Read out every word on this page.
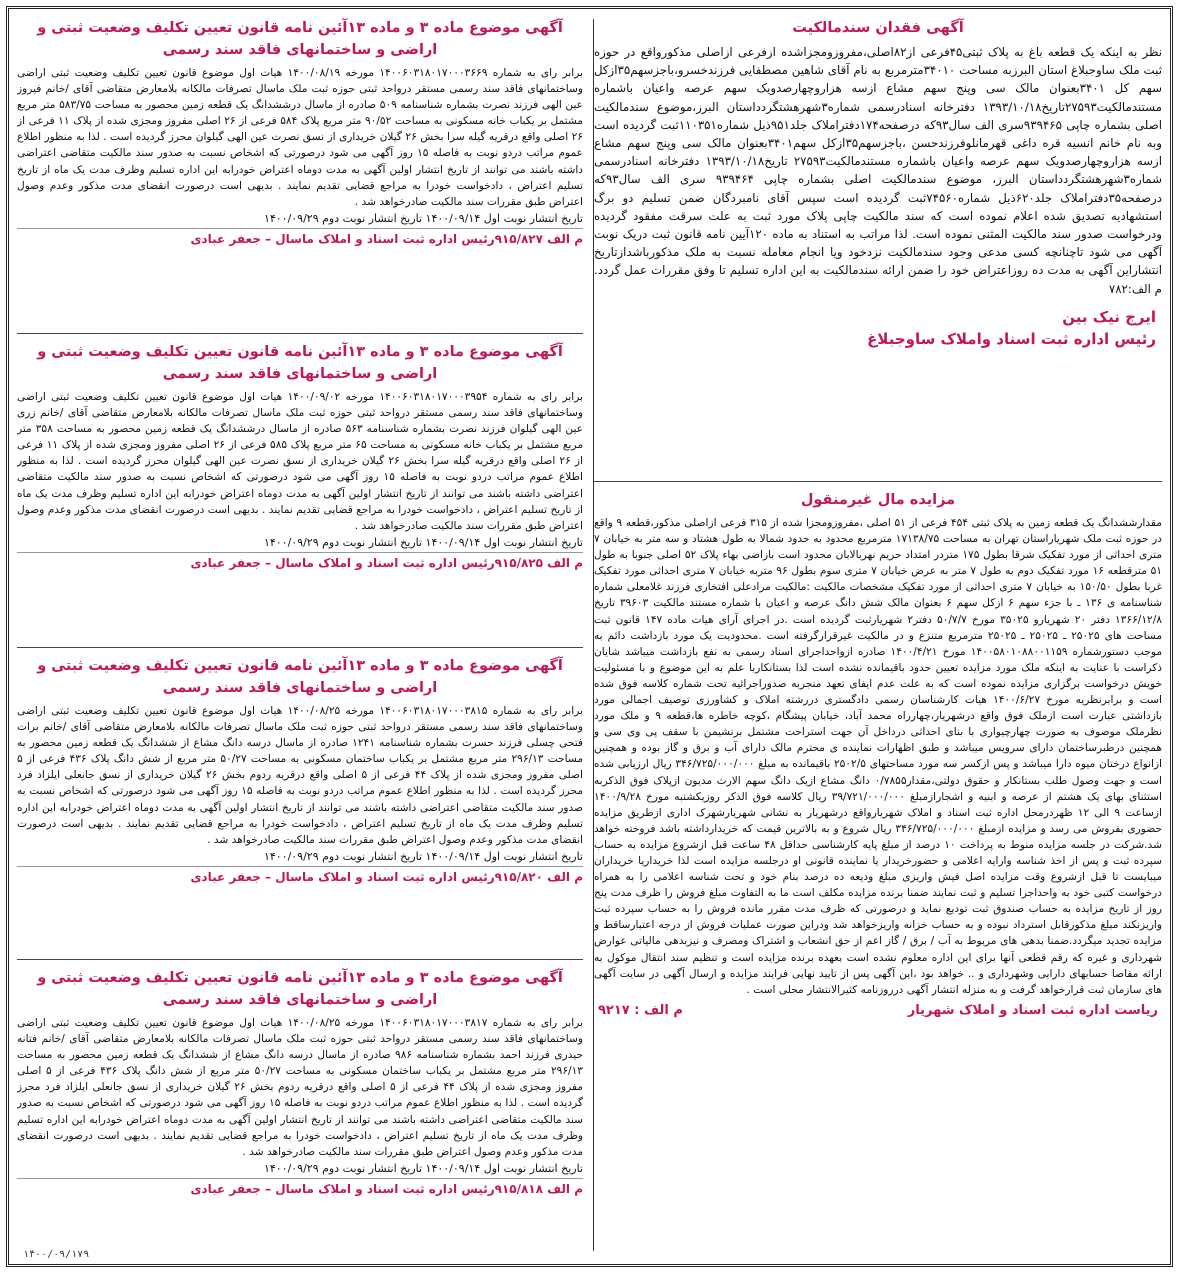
آگهی فقدان سندمالکیت

نظر به اینکه یک قطعه باغ به پلاک ثبتی۴۵فرعی از۸۲اصلی،مفروزومجزاشده ازفرعی ازاصلی مذکورواقع در حوزه ثبت ملک ساوجبلاغ استان البرزبه مساحت ۳۴۰۱۰مترمربع به نام آقای شاهین مصطفایی فرزندخسرو،باجزسهم۳۵ازکل سهم کل ۳۴۰۱بعنوان مالک سی وپنج سهم مشاع ازسه هزاروچهارصدویک سهم عرصه واعیان باشماره مستندمالکیت۲۷۵۹۳تاریخ۱۳۹۳/۱۰/۱۸ دفترخانه اسنادرسمی شماره۳شهرهشتگردداستان البرز،موضوع سندمالکیت اصلی بشماره چاپی ۹۳۹۴۶۵سری الف سال۹۳که درصفحه۱۷۴دفتراملاک جلد۹۵۱ذیل شماره۱۱۰۳۵۱ثبت گردیده است وبه نام خانم انسیه قره داغی قهرمانلوفرزندحسن ،باجزسهم۳۵ازکل سهم۳۴۰۱بعنوان مالک سی وپنج سهم مشاع ازسه هزاروچهارصدویک سهم عرصه واعیان باشماره مستندمالکیت۲۷۵۹۳ تاریخ۱۳۹۳/۱۰/۱۸ دفترخانه اسنادرسمی شماره۳شهرهشتگردداستان البرز، موضوع سندمالکیت اصلی بشماره چاپی ۹۳۹۴۶۴ سری الف سال۹۳که درصفحه۳۵دفتراملاک جلد۶۲۰ذیل شماره۷۴۵۶۰ثبت گردیده است سپس آقای نامبردگان ضمن تسلیم دو برگ استشهادیه تصدیق شده اعلام نموده است که سند مالکیت چاپی پلاک مورد ثبت به علت سرقت مفقود گردیده ودرخواست صدور سند مالکیت المثنی نموده است. لذا مراتب به استناد به ماده ۱۲۰آیین نامه قانون ثبت دریک نوبت آگهی می شود تاچنانچه کسی مدعی وجود سندمالکیت نزدخود ویا انجام معامله نسبت به ملک مذکورباشدازتاریخ انتشاراین آگهی به مدت ده روزاعتراض خود را ضمن ارائه سندمالکیت به این اداره تسلیم تا وفق مقررات عمل گردد. م الف:۷۸۲

ایرج نیک بین

رئیس اداره ثبت اسناد واملاک ساوجبلاغ

مزایده مال غیرمنقول

مقدارششدانگ یک قطعه زمین به پلاک ثبتی ۴۵۴ فرعی از ۵۱ اصلی ،مفروزومجزا شده از ۳۱۵ فرعی ازاصلی مذکور،قطعه ۹ واقع در حوزه ثبت ملک شهریاراستان تهران به مساحت ۱۷۱۳۸/۷۵ مترمربع محدود به حدود شمالا به طول هشتاد و سه متر به خیابان ۷ متری احداثی از مورد تفکیک شرقا بطول ۱۷۵ متردر امتداد حریم نهربالابان محدود است بازاضی بهاء پلاک ۵۲ اصلی جنوبا به طول ۵۱ مترقطعه ۱۶ مورد تفکیک دوم به طول ۷ متر به عرض خیابان ۷ متری سوم بطول ۹۶ متربه خیابان ۷ متری احداثی مورد تفکیک غربا بطول ۱۵۰/۵۰ به خیابان ۷ متری احداثی از مورد تفکیک مشخصات مالکیت :مالکیت مرادعلی افتخاری فرزند غلامعلی شماره شناسنامه ی ۱۳۶ ـ با جزء سهم ۶ ازکل سهم ۶ بعنوان مالک شش دانگ عرصه و اعیان با شماره مستند مالکیت ۳۹۶۰۳ تاریخ ۱۳۶۶/۱۲/۸ دفتر ۲۰ شهریارو ۳۵۰۲۵ مورخ ۵۰/۷/۷ دفتر۲ شهریارثبت گردیده است .در اجرای آرای هیات ماده ۱۴۷ قانون ثبت مساحت های ۲۵۰۲۵ ـ ۲۵۰۲۵ ـ ۲۵۰۲۵ مترمربع متنزع و در مالکیت غیرقرارگرفته است .محدودیت یک مورد بازداشت دائم به موجب دستورشماره ۱۴۰۰۵۸۰۱۰۸۸۰۰۱۱۵۹ مورخ ۱۴۰۰/۴/۲۱ صادره ازواحداجرای اسناد رسمی به نفع بازداشت میباشد شایان ذکراست با عنایت به اینکه ملک مورد مزایده تعیین حدود باقیمانده نشده است لذا بستانکاربا علم به این موضوع و با مسئولیت خویش درخواست برگزاری مزایده نموده است که به علت عدم ایفای تعهد منجربه صدوراجرائیه تحت شماره کلاسه فوق شده است و برابرنظریه مورخ ۱۴۰۰/۶/۲۷ هیات کارشناسان رسمی دادگستری دررشته املاک و کشاورزی توصیف اجمالی مورد بازداشتی عبارت است ازملک فوق واقع درشهریار،چهارراه محمد آباد، خیابان پیشگام ،کوچه خاطره ها،قطعه ۹ و ملک مورد نظرملک موصوف به صورت چهارچیواری با بنای احداثی درداخل آن جهت استراحت مشتمل برنشیمن با سقف پی وی سی و همچنین درطبرساختمان دارای سرویس میباشد و طبق اظهارات نماینده ی محترم مالک دارای آب و برق و گاز بوده و همچنین ازانواع درختان میوه دارا میباشد و پس ازکسر سه مورد مساحتهای ۲۵۰۲/۵ باقیمانده به مبلغ ۳۴۶/۷۲۵/۰۰۰/۰۰۰ ریال ارزیابی شده است و جهت وصول طلب بستانکار و حقوق دولتی،مقدار۰/۷۸۵۵ دانگ مشاع ازیک دانگ سهم الارث مدیون ازپلاک فوق الذکربه استثنای بهای یک هشتم از عرصه و ابنیه و اشجارازمبلغ ۳۹/۷۲۱/۰۰۰/۰۰۰ ریال کلاسه فوق الذکر روزیکشنبه مورخ ۱۴۰۰/۹/۲۸ ازساعت ۹ الی ۱۲ ظهردرمحل اداره ثبت اسناد و املاک شهریارواقع درشهریار به نشانی شهریارشهرک اداری ازطریق مزایده حضوری بفروش می رسد و مزایده ازمبلغ ۳۴۶/۷۲۵/۰۰۰/۰۰۰ ریال شروع و به بالاترین قیمت که خریدارداشته باشد فروخته خواهد شد.شرکت در جلسه مزایده منوط به پرداخت ۱۰ درصد از مبلغ پایه کارشناسی حداقل ۴۸ ساعت قبل ازشروع مزایده به حساب سپرده ثبت و پس از اخذ شناسه وارایه اعلامی و حضورخریدار یا نماینده قانونی او درجلسه مزایده است لذا خریداریا خریداران میبایست تا قبل ازشروع وقت مزایده اصل فیش واریزی مبلغ ودیعه ده درصد بنام خود و تحت شناسه اعلامی را به همراه درخواست کتبی خود به واحداجرا تسلیم و ثبت نمایند ضمنا برنده مزایده مکلف است ما به التفاوت مبلغ فروش را ظرف مدت پنج روز از تاریخ مزایده به حساب صندوق ثبت تودیع نماید و درصورتی که ظرف مدت مقرر مانده فروش را به حساب سپرده ثبت واریزنکند مبلغ مذکورقابل استرداد نبوده و به حساب خزانه واریزخواهد شد ودراین صورت عملیات فروش از درجه اعتبارساقط و مزایده تجدید میگردد.ضمنا بدهی های مربوط به آب / برق / گاز اعم از حق انشعاب و اشتراک ومصرف و نیزبدهی مالیاتی عوارض شهرداری و غیره که رقم قطعی آنها برای این اداره معلوم نشده است بعهده برنده مزایده است و تنظیم سند انتقال موکول به ارائه مفاصا حسابهای دارایی وشهرداری و .. خواهد بود ،این آگهی پس از تایید نهایی فرایند مزایده و ارسال آگهی در سایت آگهی های سازمان ثبت قرارخواهد گرفت و به منزله انتشار آگهی درروزنامه کثیرالانتشار محلی است .

ریاست اداره ثبت اسناد و املاک شهریار
م الف : ۹۲۱۷

آگهی موضوع ماده ۳ و ماده ۱۳آئین نامه قانون تعیین تکلیف وضعیت ثبتی و اراضی و ساختمانهای فاقد سند رسمی

برابر رای به شماره ۱۴۰۰۶۰۳۱۸۰۱۷۰۰۰۳۶۶۹ مورخه ۱۴۰۰/۰۸/۱۹ هیات اول موضوع قانون تعیین تکلیف وضعیت ثبتی اراضی وساختمانهای فاقد سند رسمی مستقر درواحد ثبتی حوزه ثبت ملک ماسال تصرفات مالکانه بلامعارض متقاضی آقای /خانم فیروز عین الهی فرزند نصرت بشماره شناسنامه ۵۰۹ صادره از ماسال درششدانگ یک قطعه زمین محصور به مساحت ۵۸۳/۷۵ متر مربع مشتمل بر یکباب خانه مسکونی به مساحت ۹۰/۵۲ متر مربع پلاک ۵۸۴ فرعی از ۲۶ اصلی مفروز ومجزی شده از پلاک ۱۱ فرعی از ۲۶ اصلی واقع درقریه گیله سرا بخش ۲۶ گیلان خریداری از نسق نصرت عین الهی گیلوان محرز گردیده است . لذا به منظور اطلاع عموم مراتب دردو نوبت به فاصله ۱۵ روز آگهی می شود درصورتی که اشخاص نسبت به صدور سند مالکیت متقاضی اعتراضی داشته باشند می توانند از تاریخ انتشار اولین آگهی به مدت دوماه اعتراض خودرابه این اداره تسلیم وظرف مدت یک ماه از تاریخ تسلیم اعتراض ، دادخواست خودرا به مراجع قضایی تقدیم نمایند . بدیهی است درصورت انقضای مدت مذکور وعدم وصول اعتراض طبق مقررات سند مالکیت صادرخواهد شد .

تاریخ انتشار نوبت اول ۱۴۰۰/۰۹/۱۴ تاریخ انتشار نوبت دوم ۱۴۰۰/۰۹/۲۹

م الف ۹۱۵/۸۲۷رئیس اداره ثبت اسناد و املاک ماسال – جعفر عبادی

آگهی موضوع ماده ۳ و ماده ۱۳آئین نامه قانون تعیین تکلیف وضعیت ثبتی و اراضی و ساختمانهای فاقد سند رسمی

برابر رای به شماره ۱۴۰۰۶۰۳۱۸۰۱۷۰۰۰۳۹۵۴ مورخه ۱۴۰۰/۰۹/۰۲ هیات اول موضوع قانون تعیین تکلیف وضعیت ثبتی اراضی وساختمانهای فاقد سند رسمی مستقر درواحد ثبتی حوزه ثبت ملک ماسال تصرفات مالکانه بلامعارض متقاضی آقای /خانم زری عین الهی گیلوان فرزند نصرت بشماره شناسنامه ۵۶۳ صادره از ماسال درششدانگ یک قطعه زمین محصور به مساحت ۳۵۸ متر مربع مشتمل بر یکباب خانه مسکونی به مساحت ۶۵ متر مربع پلاک ۵۸۵ فرعی از ۲۶ اصلی مفروز ومجزی شده از پلاک ۱۱ فرعی از ۲۶ اصلی واقع درقریه گیله سرا بخش ۲۶ گیلان خریداری از نسق نصرت عین الهی گیلوان محرز گردیده است . لذا به منظور اطلاع عموم مراتب دردو نوبت به فاصله ۱۵ روز آگهی می شود درصورتی که اشخاص نسبت به صدور سند مالکیت متقاضی اعتراضی داشته باشند می توانند از تاریخ انتشار اولین آگهی به مدت دوماه اعتراض خودرابه این اداره تسلیم وظرف مدت یک ماه از تاریخ تسلیم اعتراض ، دادخواست خودرا به مراجع قضایی تقدیم نمایند . بدیهی است درصورت انقضای مدت مذکور وعدم وصول اعتراض طبق مقررات سند مالکیت صادرخواهد شد .

تاریخ انتشار نوبت اول ۱۴۰۰/۰۹/۱۴ تاریخ انتشار نوبت دوم ۱۴۰۰/۰۹/۲۹

م الف ۹۱۵/۸۲۵رئیس اداره ثبت اسناد و املاک ماسال – جعفر عبادی

آگهی موضوع ماده ۳ و ماده ۱۳آئین نامه قانون تعیین تکلیف وضعیت ثبتی و اراضی و ساختمانهای فاقد سند رسمی

برابر رای به شماره ۱۴۰۰۶۰۳۱۸۰۱۷۰۰۰۳۸۱۵ مورخه ۱۴۰۰/۰۸/۲۵ هیات اول موضوع قانون تعیین تکلیف وضعیت ثبتی اراضی وساختمانهای فاقد سند رسمی مستقر درواحد ثبتی حوزه ثبت ملک ماسال تصرفات مالکانه بلامعارض متقاضی آقای /خانم برات فتحی چسلی فرزند حسرت بشماره شناسنامه ۱۲۴۱ صادره از ماسال درسه دانگ مشاع از ششدانگ یک قطعه زمین محصور به مساحت ۲۹۶/۱۳ متر مربع مشتمل بر یکباب ساختمان مسکونی به مساحت ۵۰/۲۷ متر مربع از شش دانگ پلاک ۴۳۶ فرعی از ۵ اصلی مفروز ومجزی شده از پلاک ۴۴ فرعی از ۵ اصلی واقع درقریه ردوم بخش ۲۶ گیلان خریداری از نسق جانعلی ایلزاد فرد محرز گردیده است . لذا به منظور اطلاع عموم مراتب دردو نوبت به فاصله ۱۵ روز آگهی می شود درصورتی که اشخاص نسبت به صدور سند مالکیت متقاضی اعتراضی داشته باشند می توانند از تاریخ انتشار اولین آگهی به مدت دوماه اعتراض خودرابه این اداره تسلیم وظرف مدت یک ماه از تاریخ تسلیم اعتراض ، دادخواست خودرا به مراجع قضایی تقدیم نمایند . بدیهی است درصورت انقضای مدت مذکور وعدم وصول اعتراض طبق مقررات سند مالکیت صادرخواهد شد .

تاریخ انتشار نوبت اول ۱۴۰۰/۰۹/۱۴ تاریخ انتشار نوبت دوم ۱۴۰۰/۰۹/۲۹

م الف ۹۱۵/۸۲۰رئیس اداره ثبت اسناد و املاک ماسال – جعفر عبادی

آگهی موضوع ماده ۳ و ماده ۱۳آئین نامه قانون تعیین تکلیف وضعیت ثبتی و اراضی و ساختمانهای فاقد سند رسمی

برابر رای به شماره ۱۴۰۰۶۰۳۱۸۰۱۷۰۰۰۳۸۱۷ مورخه ۱۴۰۰/۰۸/۲۵ هیات اول موضوع قانون تعیین تکلیف وضعیت ثبتی اراضی وساختمانهای فاقد سند رسمی مستقر درواحد ثبتی حوزه ثبت ملک ماسال تصرفات مالکانه بلامعارض متقاضی آقای /خانم فتانه حیدری فرزند احمد بشماره شناسنامه ۹۸۶ صادره از ماسال درسه دانگ مشاع از ششدانگ یک قطعه زمین محصور به مساحت ۲۹۶/۱۳ متر مربع مشتمل بر یکباب ساختمان مسکونی به مساحت ۵۰/۲۷ متر مربع از شش دانگ پلاک ۴۳۶ فرعی از ۵ اصلی مفروز ومجزی شده از پلاک ۴۴ فرعی از ۵ اصلی واقع درقریه ردوم بخش ۲۶ گیلان خریداری از نسق جانعلی ایلزاد فرد محرز گردیده است . لذا به منظور اطلاع عموم مراتب دردو نوبت به فاصله ۱۵ روز آگهی می شود درصورتی که اشخاص نسبت به صدور سند مالکیت متقاضی اعتراضی داشته باشند می توانند از تاریخ انتشار اولین آگهی به مدت دوماه اعتراض خودرابه این اداره تسلیم وظرف مدت یک ماه از تاریخ تسلیم اعتراض ، دادخواست خودرا به مراجع قضایی تقدیم نمایند . بدیهی است درصورت انقضای مدت مذکور وعدم وصول اعتراض طبق مقررات سند مالکیت صادرخواهد شد .

تاریخ انتشار نوبت اول ۱۴۰۰/۰۹/۱۴ تاریخ انتشار نوبت دوم ۱۴۰۰/۰۹/۲۹

م الف ۹۱۵/۸۱۸رئیس اداره ثبت اسناد و املاک ماسال – جعفر عبادی

۱۴۰۰/۰۹/۱۷۹
